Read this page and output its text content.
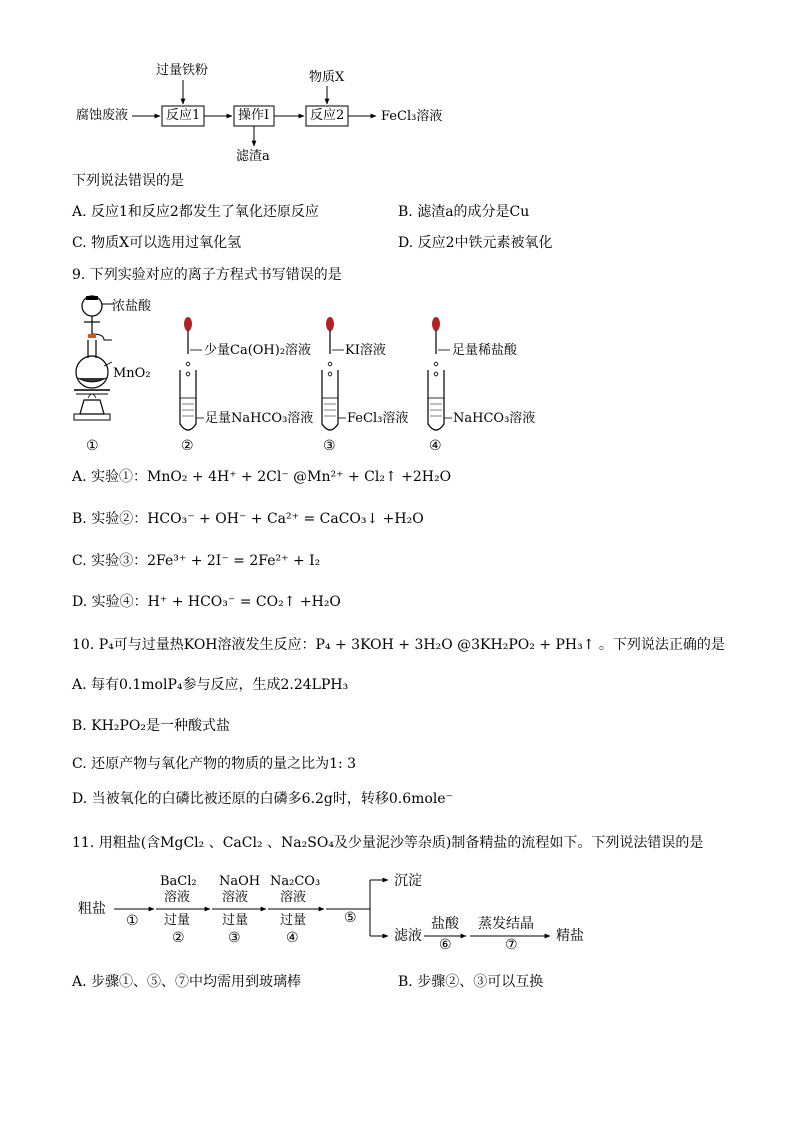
过量铁粉	物质X
腐蚀废液	反应1	操作I	反应2	FeCl₃溶液
滤渣a
下列说法错误的是
A. 反应1和反应2都发生了氧化还原反应	B. 滤渣a的成分是Cu
C. 物质X可以选用过氧化氢	D. 反应2中铁元素被氧化
9. 下列实验对应的离子方程式书写错误的是
浓盐酸
MnO₂
少量Ca(OH)₂溶液
足量NaHCO₃溶液
KI溶液
FeCl₃溶液
足量稀盐酸
NaHCO₃溶液
①	②	③	④
A. 实验①：MnO₂ + 4H⁺ + 2Cl⁻ @Mn²⁺ + Cl₂↑ +2H₂O
B. 实验②：HCO₃⁻ + OH⁻ + Ca²⁺ = CaCO₃↓ +H₂O
C. 实验③：2Fe³⁺ + 2I⁻ = 2Fe²⁺ + I₂
D. 实验④：H⁺ + HCO₃⁻ = CO₂↑ +H₂O
10. P₄可与过量热KOH溶液发生反应：P₄ + 3KOH + 3H₂O @3KH₂PO₂ + PH₃↑ 。下列说法正确的是
A. 每有0.1molP₄参与反应，生成2.24LPH₃
B. KH₂PO₂是一种酸式盐
C. 还原产物与氧化产物的物质的量之比为1: 3
D. 当被氧化的白磷比被还原的白磷多6.2g时，转移0.6mole⁻
11. 用粗盐(含MgCl₂ 、CaCl₂ 、Na₂SO₄及少量泥沙等杂质)制备精盐的流程如下。下列说法错误的是
粗盐
①
BaCl₂
溶液
过量
②
NaOH
溶液
过量
③
Na₂CO₃
溶液
过量
④
⑤
沉淀
滤液
盐酸
⑥
蒸发结晶
⑦
精盐
A. 步骤①、⑤、⑦中均需用到玻璃棒	B. 步骤②、③可以互换
